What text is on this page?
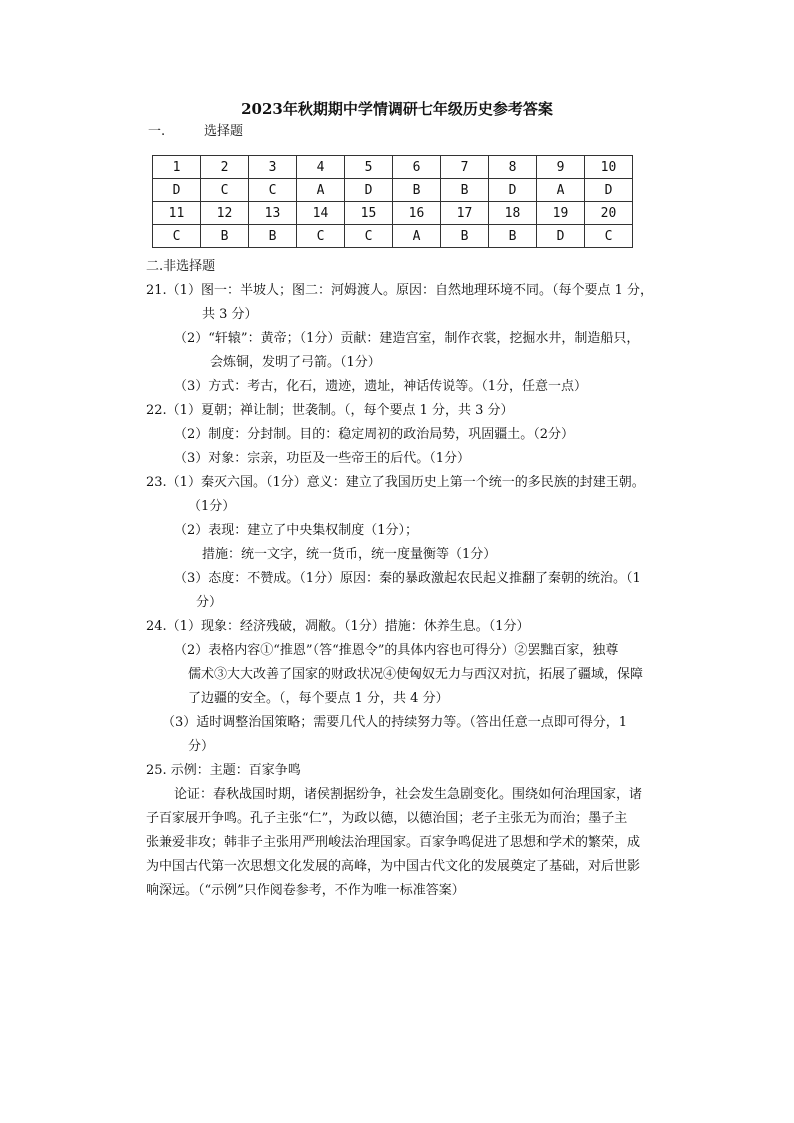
2023年秋期期中学情调研七年级历史参考答案
一.	选择题
1	2	3	4	5	6	7	8	9	10
D	C	C	A	D	B	B	D	A	D
11	12	13	14	15	16	17	18	19	20
C	B	B	C	C	A	B	B	D	C
二.非选择题
21.（1）图一：半坡人；图二：河姆渡人。原因：自然地理环境不同。（每个要点 1 分，
共 3 分）
（2）“轩辕”：黄帝；（1分）贡献：建造宫室，制作衣裳，挖掘水井，制造船只，
会炼铜，发明了弓箭。（1分）
（3）方式：考古，化石，遗迹，遗址，神话传说等。（1分，任意一点）
22.（1）夏朝；禅让制；世袭制。（，每个要点 1 分，共 3 分）
（2）制度：分封制。目的：稳定周初的政治局势，巩固疆土。（2分）
（3）对象：宗亲，功臣及一些帝王的后代。（1分）
23.（1）秦灭六国。（1分）意义：建立了我国历史上第一个统一的多民族的封建王朝。
（1分）
（2）表现：建立了中央集权制度（1分）；
措施：统一文字，统一货币，统一度量衡等（1分）
（3）态度：不赞成。（1分）原因：秦的暴政激起农民起义推翻了秦朝的统治。（1
分）
24.（1）现象：经济残破，凋敝。（1分）措施：休养生息。（1分）
（2）表格内容①“推恩”（答“推恩令”的具体内容也可得分）②罢黜百家，独尊
儒术③大大改善了国家的财政状况④使匈奴无力与西汉对抗，拓展了疆域，保障
了边疆的安全。（，每个要点 1 分，共 4 分）
（3）适时调整治国策略；需要几代人的持续努力等。（答出任意一点即可得分，1
分）
25. 示例：主题：百家争鸣
论证：春秋战国时期，诸侯割据纷争，社会发生急剧变化。围绕如何治理国家，诸
子百家展开争鸣。孔子主张“仁”，为政以德，以德治国；老子主张无为而治；墨子主
张兼爱非攻；韩非子主张用严刑峻法治理国家。百家争鸣促进了思想和学术的繁荣，成
为中国古代第一次思想文化发展的高峰，为中国古代文化的发展奠定了基础，对后世影
响深远。（“示例”只作阅卷参考，不作为唯一标准答案）
